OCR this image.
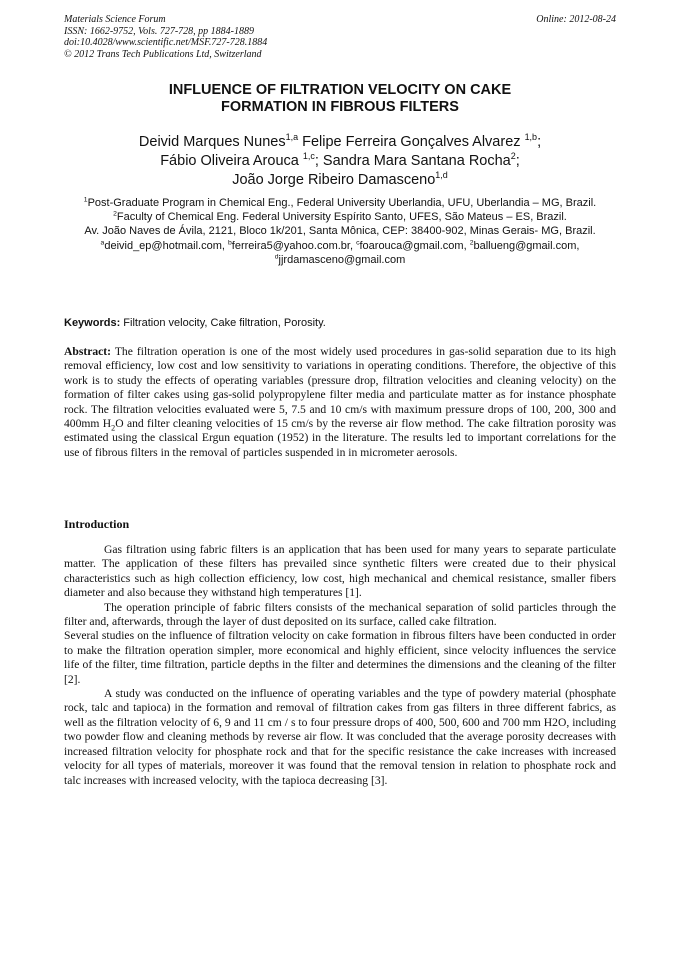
Materials Science Forum
ISSN: 1662-9752, Vols. 727-728, pp 1884-1889
doi:10.4028/www.scientific.net/MSF.727-728.1884
© 2012 Trans Tech Publications Ltd, Switzerland
Online: 2012-08-24
INFLUENCE OF FILTRATION VELOCITY ON CAKE
FORMATION IN FIBROUS FILTERS
Deivid Marques Nunes$^{1,a}$ Felipe Ferreira Gonçalves Alvarez $^{1,b}$;
Fábio Oliveira Arouca $^{1,c}$; Sandra Mara Santana Rocha$^2$;
João Jorge Ribeiro Damasceno$^{1,d}$
$^1$Post-Graduate Program in Chemical Eng., Federal University Uberlandia, UFU, Uberlandia – MG, Brazil.
$^2$Faculty of Chemical Eng. Federal University Espírito Santo, UFES, São Mateus – ES, Brazil.
Av. João Naves de Ávila, 2121, Bloco 1k/201, Santa Mônica, CEP: 38400-902, Minas Gerais- MG, Brazil.
$^a$deivid_ep@hotmail.com, $^b$ferreira5@yahoo.com.br, $^c$foarouca@gmail.com, $^2$ballueng@gmail.com, $^d$jjrdamasceno@gmail.com
Keywords: Filtration velocity, Cake filtration, Porosity.
Abstract: The filtration operation is one of the most widely used procedures in gas-solid separation due to its high removal efficiency, low cost and low sensitivity to variations in operating conditions. Therefore, the objective of this work is to study the effects of operating variables (pressure drop, filtration velocities and cleaning velocity) on the formation of filter cakes using gas-solid polypropylene filter media and particulate matter as for instance phosphate rock. The filtration velocities evaluated were 5, 7.5 and 10 cm/s with maximum pressure drops of 100, 200, 300 and 400mm $H_2O$ and filter cleaning velocities of 15 cm/s by the reverse air flow method. The cake filtration porosity was estimated using the classical Ergun equation (1952) in the literature. The results led to important correlations for the use of fibrous filters in the removal of particles suspended in in micrometer aerosols.
Introduction

Gas filtration using fabric filters is an application that has been used for many years to separate particulate matter. The application of these filters has prevailed since synthetic filters were created due to their physical characteristics such as high collection efficiency, low cost, high mechanical and chemical resistance, smaller fibers diameter and also because they withstand high temperatures [1].

The operation principle of fabric filters consists of the mechanical separation of solid particles through the filter and, afterwards, through the layer of dust deposited on its surface, called cake filtration.

Several studies on the influence of filtration velocity on cake formation in fibrous filters have been conducted in order to make the filtration operation simpler, more economical and highly efficient, since velocity influences the service life of the filter, time filtration, particle depths in the filter and determines the dimensions and the cleaning of the filter [2].

A study was conducted on the influence of operating variables and the type of powdery material (phosphate rock, talc and tapioca) in the formation and removal of filtration cakes from gas filters in three different fabrics, as well as the filtration velocity of 6, 9 and 11 cm / s to four pressure drops of 400, 500, 600 and 700 mm H2O, including two powder flow and cleaning methods by reverse air flow. It was concluded that the average porosity decreases with increased filtration velocity for phosphate rock and that for the specific resistance the cake increases with increased velocity for all types of materials, moreover it was found that the removal tension in relation to phosphate rock and talc increases with increased velocity, with the tapioca decreasing [3].
